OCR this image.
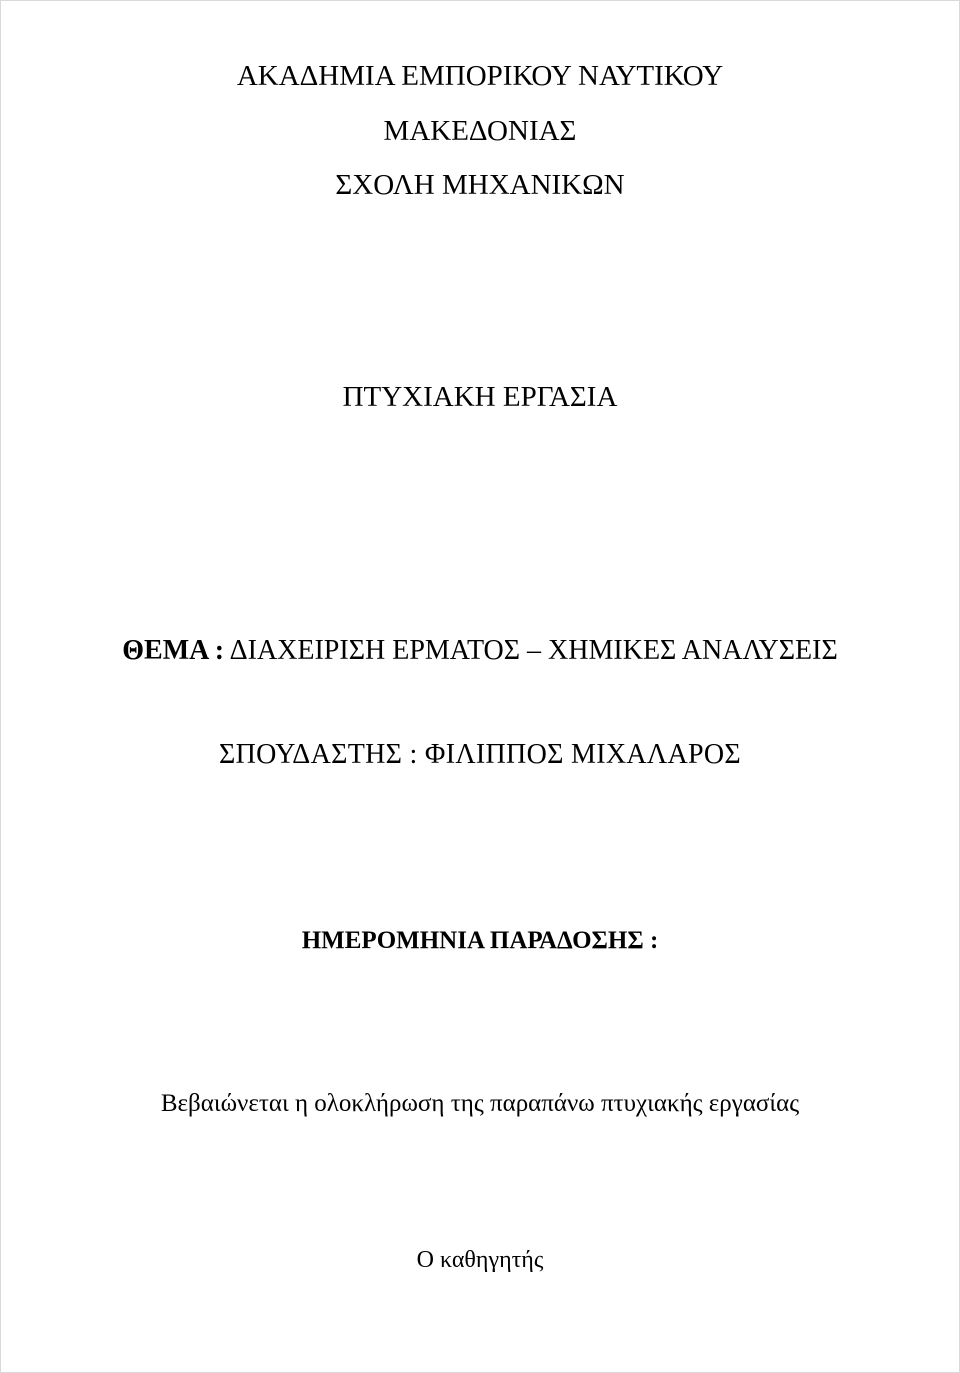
ΑΚΑΔΗΜΙΑ ΕΜΠΟΡΙΚΟΥ ΝΑΥΤΙΚΟΥ
ΜΑΚΕΔΟΝΙΑΣ
ΣΧΟΛΗ ΜΗΧΑΝΙΚΩΝ
ΠΤΥΧΙΑΚΗ ΕΡΓΑΣΙΑ
ΘΕΜΑ : ΔΙΑΧΕΙΡΙΣΗ ΕΡΜΑΤΟΣ – ΧΗΜΙΚΕΣ ΑΝΑΛΥΣΕΙΣ
ΣΠΟΥΔΑΣΤΗΣ : ΦΙΛΙΠΠΟΣ ΜΙΧΑΛΑΡΟΣ
ΗΜΕΡΟΜΗΝΙΑ ΠΑΡΑΔΟΣΗΣ :
Βεβαιώνεται η ολοκλήρωση της παραπάνω πτυχιακής εργασίας
Ο καθηγητής
